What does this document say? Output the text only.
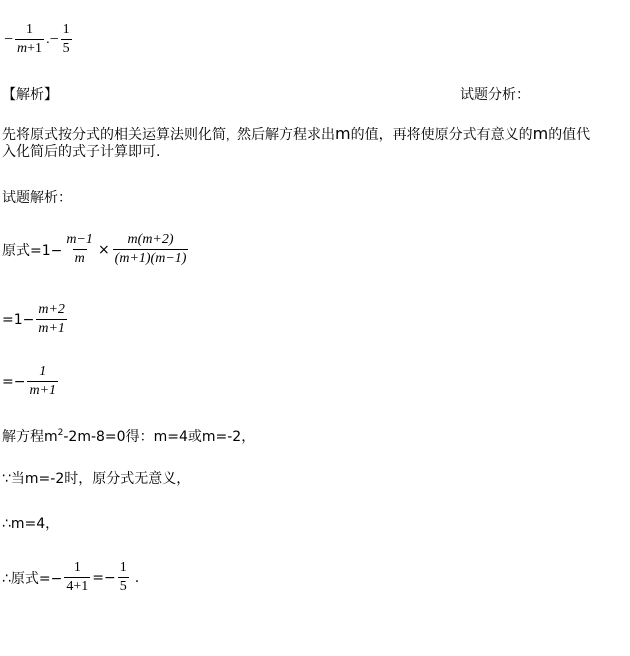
− $\frac{1}{m+1}$ . − $\frac{1}{5}$
【解析】	试题分析：
先将原式按分式的相关运算法则化简，然后解方程求出m的值，再将使原分式有意义的m的值代
入化简后的式子计算即可.
试题解析：
原式$=1- \frac{m-1}{m} \times \frac{m(m+2)}{(m+1)(m-1)}$
$=1- \frac{m+2}{m+1}$
=− $\frac{1}{m+1}$
解方程$m^2-2m-8=0$得：m=4或m=-2，
∵当m=-2时，原分式无意义，
∴m=4，
∴原式=− $\frac{1}{4+1} =- \frac{1}{5}$ .
